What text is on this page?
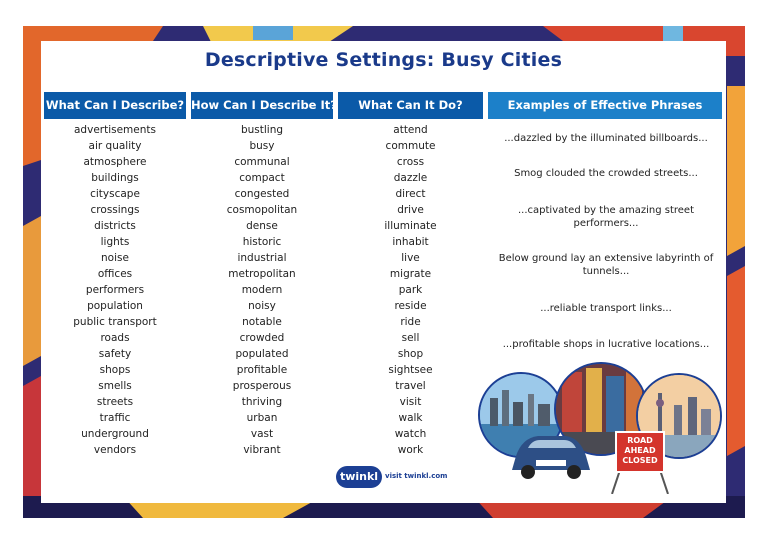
Descriptive Settings: Busy Cities
What Can I Describe? How Can I Describe It?	What Can It Do?	Examples of Effective Phrases
advertisements
air quality
atmosphere
buildings
cityscape
crossings
districts
lights
noise
offices
performers
population
public transport
roads
safety
shops
smells
streets
traffic
underground
vendors
bustling
busy
communal
compact
congested
cosmopolitan
dense
historic
industrial
metropolitan
modern
noisy
notable
crowded
populated
profitable
prosperous
thriving
urban
vast
vibrant
attend
commute
cross
dazzle
direct
drive
illuminate
inhabit
live
migrate
park
reside
ride
sell
shop
sightsee
travel
visit
walk
watch
work
...dazzled by the illuminated billboards...
Smog clouded the crowded streets...
...captivated by the amazing street performers...
Below ground lay an extensive labyrinth of tunnels...
...reliable transport links...
...profitable shops in lucrative locations...
ROAD
AHEAD
CLOSED
twinkl visit twinkl.com
